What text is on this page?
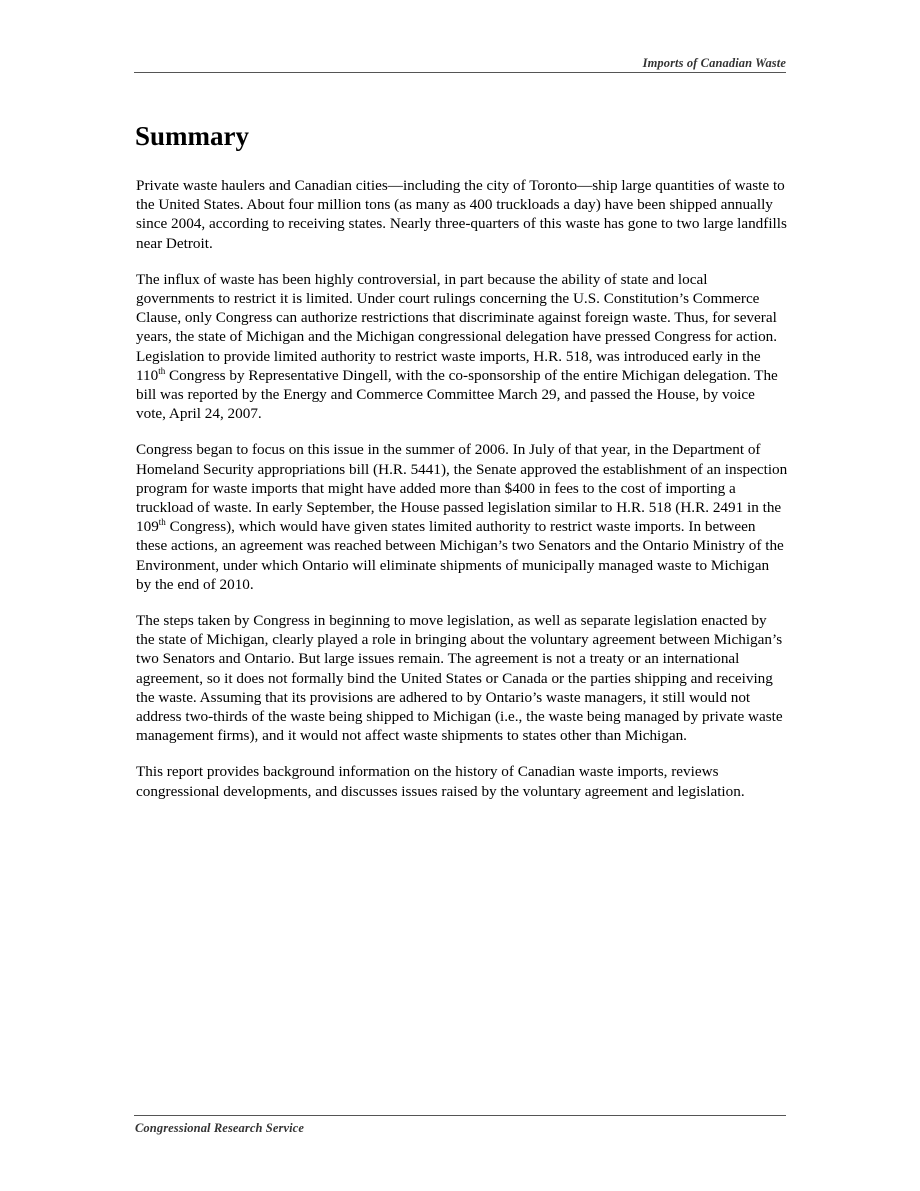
Imports of Canadian Waste
Summary

Private waste haulers and Canadian cities—including the city of Toronto—ship large quantities of waste to the United States. About four million tons (as many as 400 truckloads a day) have been shipped annually since 2004, according to receiving states. Nearly three-quarters of this waste has gone to two large landfills near Detroit.

The influx of waste has been highly controversial, in part because the ability of state and local governments to restrict it is limited. Under court rulings concerning the U.S. Constitution’s Commerce Clause, only Congress can authorize restrictions that discriminate against foreign waste. Thus, for several years, the state of Michigan and the Michigan congressional delegation have pressed Congress for action. Legislation to provide limited authority to restrict waste imports, H.R. 518, was introduced early in the 110th Congress by Representative Dingell, with the co-sponsorship of the entire Michigan delegation. The bill was reported by the Energy and Commerce Committee March 29, and passed the House, by voice vote, April 24, 2007.

Congress began to focus on this issue in the summer of 2006. In July of that year, in the Department of Homeland Security appropriations bill (H.R. 5441), the Senate approved the establishment of an inspection program for waste imports that might have added more than $400 in fees to the cost of importing a truckload of waste. In early September, the House passed legislation similar to H.R. 518 (H.R. 2491 in the 109th Congress), which would have given states limited authority to restrict waste imports. In between these actions, an agreement was reached between Michigan’s two Senators and the Ontario Ministry of the Environment, under which Ontario will eliminate shipments of municipally managed waste to Michigan by the end of 2010.

The steps taken by Congress in beginning to move legislation, as well as separate legislation enacted by the state of Michigan, clearly played a role in bringing about the voluntary agreement between Michigan’s two Senators and Ontario. But large issues remain. The agreement is not a treaty or an international agreement, so it does not formally bind the United States or Canada or the parties shipping and receiving the waste. Assuming that its provisions are adhered to by Ontario’s waste managers, it still would not address two-thirds of the waste being shipped to Michigan (i.e., the waste being managed by private waste management firms), and it would not affect waste shipments to states other than Michigan.

This report provides background information on the history of Canadian waste imports, reviews congressional developments, and discusses issues raised by the voluntary agreement and legislation.

Congressional Research Service
